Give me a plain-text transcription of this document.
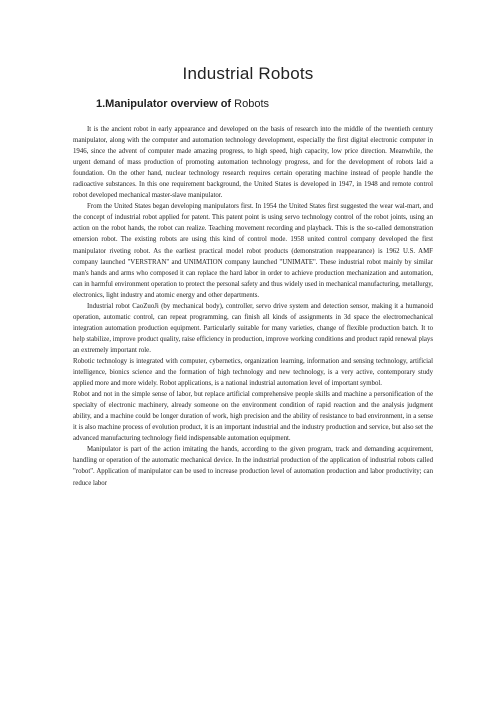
Industrial Robots
1.Manipulator overview of Robots

It is the ancient robot in early appearance and developed on the basis of research into the middle of the twentieth century manipulator, along with the computer and automation technology development, especially the first digital electronic computer in 1946, since the advent of computer made amazing progress, to high speed, high capacity, low price direction. Meanwhile, the urgent demand of mass production of promoting automation technology progress, and for the development of robots laid a foundation. On the other hand, nuclear technology research requires certain operating machine instead of people handle the radioactive substances. In this one requirement background, the United States is developed in 1947, in 1948 and remote control robot developed mechanical master-slave manipulator.

From the United States began developing manipulators first. In 1954 the United States first suggested the wear wal-mart, and the concept of industrial robot applied for patent. This patent point is using servo technology control of the robot joints, using an action on the robot hands, the robot can realize. Teaching movement recording and playback. This is the so-called demonstration emersion robot. The existing robots are using this kind of control mode. 1958 united control company developed the first manipulator riveting robot. As the earliest practical model robot products (demonstration reappearance) is 1962 U.S. AMF company launched "VERSTRAN" and UNIMATION company launched "UNIMATE". These industrial robot mainly by similar man's hands and arms who composed it can replace the hard labor in order to achieve production mechanization and automation, can in harmful environment operation to protect the personal safety and thus widely used in mechanical manufacturing, metallurgy, electronics, light industry and atomic energy and other departments.

Industrial robot CaoZuoJi (by mechanical body), controller, servo drive system and detection sensor, making it a humanoid operation, automatic control, can repeat programming, can finish all kinds of assignments in 3d space the electromechanical integration automation production equipment. Particularly suitable for many varieties, change of flexible production batch. It to help stabilize, improve product quality, raise efficiency in production, improve working conditions and product rapid renewal plays an extremely important role.

Robotic technology is integrated with computer, cybernetics, organization learning, information and sensing technology, artificial intelligence, bionics science and the formation of high technology and new technology, is a very active, contemporary study applied more and more widely. Robot applications, is a national industrial automation level of important symbol.

Robot and not in the simple sense of labor, but replace artificial comprehensive people skills and machine a personification of the specialty of electronic machinery, already someone on the environment condition of rapid reaction and the analysis judgment ability, and a machine could be longer duration of work, high precision and the ability of resistance to bad environment, in a sense it is also machine process of evolution product, it is an important industrial and the industry production and service, but also set the advanced manufacturing technology field indispensable automation equipment.

Manipulator is part of the action imitating the hands, according to the given program, track and demanding acquirement, handling or operation of the automatic mechanical device. In the industrial production of the application of industrial robots called "robot". Application of manipulator can be used to increase production level of automation production and labor productivity; can reduce labor
